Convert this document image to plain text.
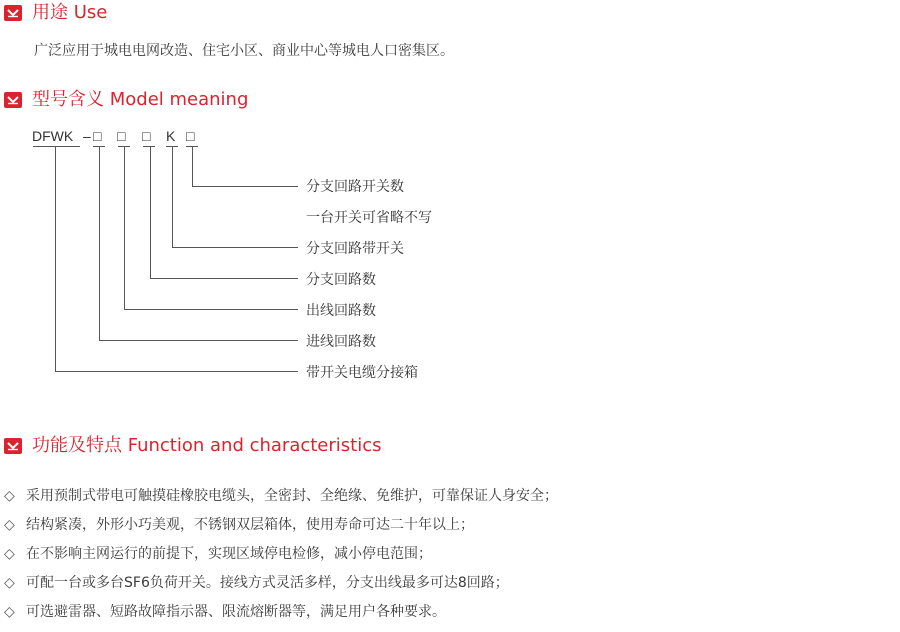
用途 Use
广泛应用于城电电网改造、住宅小区、商业中心等城电人口密集区。
型号含义 Model meaning
DFWK – □ □ □ K □
分支回路开关数
一台开关可省略不写
分支回路带开关
分支回路数
出线回路数
进线回路数
带开关电缆分接箱
功能及特点 Function and characteristics
◇ 采用预制式带电可触摸硅橡胶电缆头，全密封、全绝缘、免维护，可靠保证人身安全；
◇ 结构紧凑，外形小巧美观，不锈钢双层箱体，使用寿命可达二十年以上；
◇ 在不影响主网运行的前提下，实现区域停电检修，减小停电范围；
◇ 可配一台或多台SF6负荷开关。接线方式灵活多样，分支出线最多可达8回路；
◇ 可选避雷器、短路故障指示器、限流熔断器等，满足用户各种要求。
